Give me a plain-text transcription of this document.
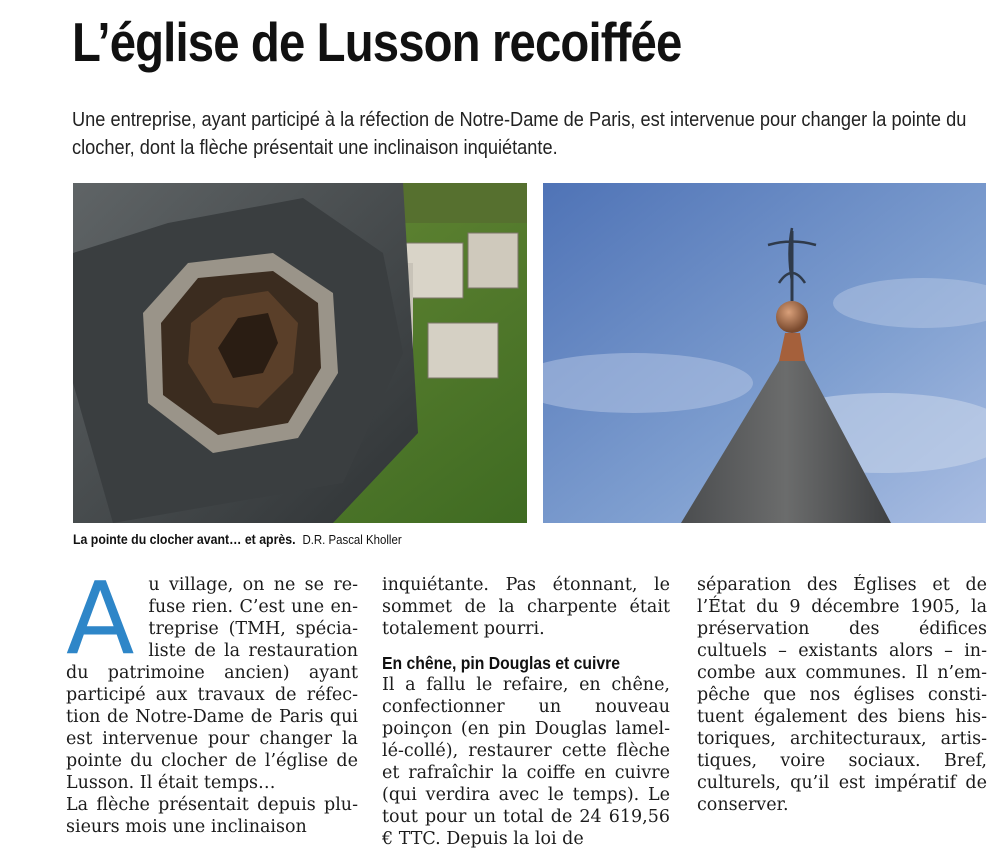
L’église de Lusson recoiffée

Une entreprise, ayant participé à la réfection de Notre-Dame de Paris, est intervenue pour changer la pointe du clocher, dont la flèche présentait une inclinaison inquiétante.

La pointe du clocher avant… et après. D.R. Pascal Kholler
A u village, on ne se refuse rien. C’est une entreprise (TMH, spécialiste de la restauration du patrimoine ancien) ayant participé aux travaux de réfection de Notre-Dame de Paris qui est intervenue pour changer la pointe du clocher de l’église de Lusson. Il était temps…

La flèche présentait depuis plusieurs mois une inclinaison

inquiétante. Pas étonnant, le sommet de la charpente était totalement pourri.

En chêne, pin Douglas et cuivre

Il a fallu le refaire, en chêne, confectionner un nouveau poinçon (en pin Douglas lamellé-collé), restaurer cette flèche et rafraîchir la coiffe en cuivre (qui verdira avec le temps). Le tout pour un total de 24 619,56 € TTC. Depuis la loi de

séparation des Églises et de l’État du 9 décembre 1905, la préservation des édifices cultuels – existants alors – incombe aux communes. Il n’empêche que nos églises constituent également des biens historiques, architecturaux, artistiques, voire sociaux. Bref, culturels, qu’il est impératif de conserver.
